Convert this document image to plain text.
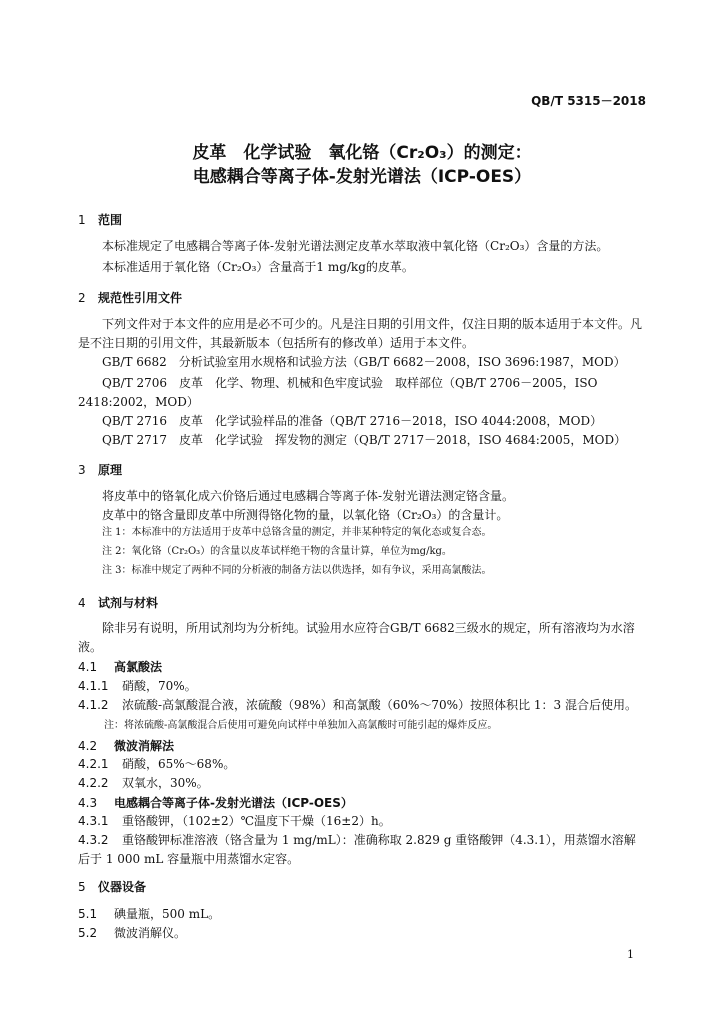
QB/T 5315－2018
皮革　化学试验　氧化铬（Cr₂O₃）的测定：
电感耦合等离子体-发射光谱法（ICP-OES）
1 范围
本标准规定了电感耦合等离子体-发射光谱法测定皮革水萃取液中氧化铬（Cr₂O₃）含量的方法。
本标准适用于氧化铬（Cr₂O₃）含量高于1 mg/kg的皮革。
2 规范性引用文件
下列文件对于本文件的应用是必不可少的。凡是注日期的引用文件，仅注日期的版本适用于本文件。凡是不注日期的引用文件，其最新版本（包括所有的修改单）适用于本文件。
GB/T 6682　分析试验室用水规格和试验方法（GB/T 6682－2008，ISO 3696:1987，MOD）
QB/T 2706　皮革　化学、物理、机械和色牢度试验　取样部位（QB/T 2706－2005，ISO 2418:2002，MOD）
QB/T 2716　皮革　化学试验样品的准备（QB/T 2716－2018，ISO 4044:2008，MOD）
QB/T 2717　皮革　化学试验　挥发物的测定（QB/T 2717－2018，ISO 4684:2005，MOD）
3 原理
将皮革中的铬氧化成六价铬后通过电感耦合等离子体-发射光谱法测定铬含量。
皮革中的铬含量即皮革中所测得铬化物的量，以氧化铬（Cr₂O₃）的含量计。
注 1：本标准中的方法适用于皮革中总铬含量的测定，并非某种特定的氧化态或复合态。
注 2：氧化铬（Cr₂O₃）的含量以皮革试样绝干物的含量计算，单位为mg/kg。
注 3：标准中规定了两种不同的分析液的制备方法以供选择，如有争议，采用高氯酸法。
4 试剂与材料
除非另有说明，所用试剂均为分析纯。试验用水应符合GB/T 6682三级水的规定，所有溶液均为水溶液。
4.1 高氯酸法
4.1.1 硝酸，70%。
4.1.2 浓硫酸-高氯酸混合液，浓硫酸（98%）和高氯酸（60%～70%）按照体积比 1：3 混合后使用。
注：将浓硫酸-高氯酸混合后使用可避免向试样中单独加入高氯酸时可能引起的爆炸反应。
4.2 微波消解法
4.2.1 硝酸，65%～68%。
4.2.2 双氧水，30%。
4.3 电感耦合等离子体-发射光谱法（ICP-OES）
4.3.1 重铬酸钾，（102±2）℃温度下干燥（16±2）h。
4.3.2 重铬酸钾标准溶液（铬含量为 1 mg/mL）：准确称取 2.829 g 重铬酸钾（4.3.1），用蒸馏水溶解后于 1 000 mL 容量瓶中用蒸馏水定容。
5 仪器设备
5.1 碘量瓶，500 mL。
5.2 微波消解仪。
1
